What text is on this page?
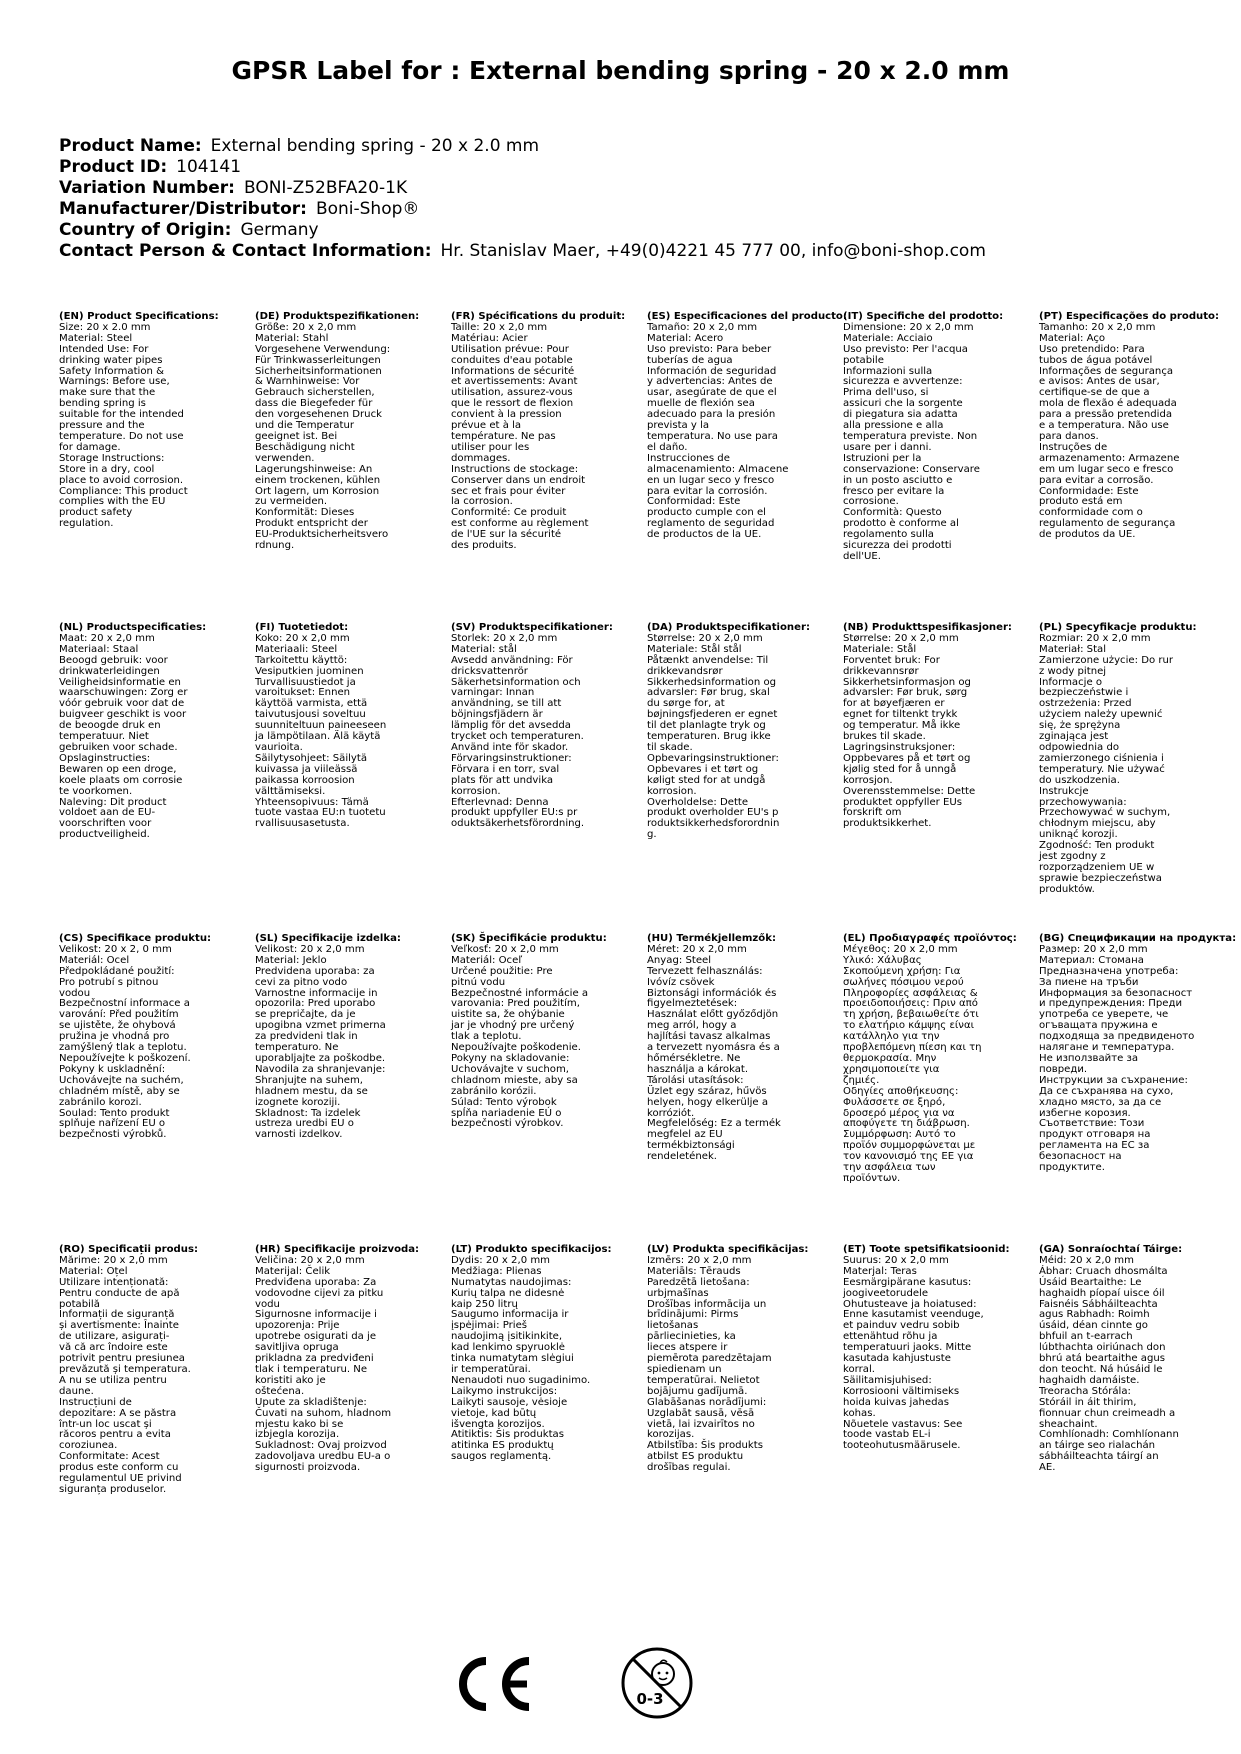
GPSR Label for : External bending spring - 20 x 2.0 mm
Product Name: External bending spring - 20 x 2.0 mm
Product ID: 104141
Variation Number: BONI-Z52BFA20-1K
Manufacturer/Distributor: Boni-Shop®
Country of Origin: Germany
Contact Person & Contact Information: Hr. Stanislav Maer, +49(0)4221 45 777 00, info@boni-shop.com
(EN) Product Specifications:
Size: 20 x 2.0 mm
Material: Steel
Intended Use: For
drinking water pipes
Safety Information &
Warnings: Before use,
make sure that the
bending spring is
suitable for the intended
pressure and the
temperature. Do not use
for damage.
Storage Instructions:
Store in a dry, cool
place to avoid corrosion.
Compliance: This product
complies with the EU
product safety
regulation.
(DE) Produktspezifikationen:
Größe: 20 x 2,0 mm
Material: Stahl
Vorgesehene Verwendung:
Für Trinkwasserleitungen
Sicherheitsinformationen
& Warnhinweise: Vor
Gebrauch sicherstellen,
dass die Biegefeder für
den vorgesehenen Druck
und die Temperatur
geeignet ist. Bei
Beschädigung nicht
verwenden.
Lagerungshinweise: An
einem trockenen, kühlen
Ort lagern, um Korrosion
zu vermeiden.
Konformität: Dieses
Produkt entspricht der
EU-Produktsicherheitsvero
rdnung.
(FR) Spécifications du produit:
Taille: 20 x 2,0 mm
Matériau: Acier
Utilisation prévue: Pour
conduites d'eau potable
Informations de sécurité
et avertissements: Avant
utilisation, assurez-vous
que le ressort de flexion
convient à la pression
prévue et à la
température. Ne pas
utiliser pour les
dommages.
Instructions de stockage:
Conserver dans un endroit
sec et frais pour éviter
la corrosion.
Conformité: Ce produit
est conforme au règlement
de l'UE sur la sécurité
des produits.
(ES) Especificaciones del producto:
Tamaño: 20 x 2,0 mm
Material: Acero
Uso previsto: Para beber
tuberías de agua
Información de seguridad
y advertencias: Antes de
usar, asegúrate de que el
muelle de flexión sea
adecuado para la presión
prevista y la
temperatura. No use para
el daño.
Instrucciones de
almacenamiento: Almacene
en un lugar seco y fresco
para evitar la corrosión.
Conformidad: Este
producto cumple con el
reglamento de seguridad
de productos de la UE.
(IT) Specifiche del prodotto:
Dimensione: 20 x 2,0 mm
Materiale: Acciaio
Uso previsto: Per l'acqua
potabile
Informazioni sulla
sicurezza e avvertenze:
Prima dell'uso, si
assicuri che la sorgente
di piegatura sia adatta
alla pressione e alla
temperatura previste. Non
usare per i danni.
Istruzioni per la
conservazione: Conservare
in un posto asciutto e
fresco per evitare la
corrosione.
Conformità: Questo
prodotto è conforme al
regolamento sulla
sicurezza dei prodotti
dell'UE.
(PT) Especificações do produto:
Tamanho: 20 x 2,0 mm
Material: Aço
Uso pretendido: Para
tubos de água potável
Informações de segurança
e avisos: Antes de usar,
certifique-se de que a
mola de flexão é adequada
para a pressão pretendida
e a temperatura. Não use
para danos.
Instruções de
armazenamento: Armazene
em um lugar seco e fresco
para evitar a corrosão.
Conformidade: Este
produto está em
conformidade com o
regulamento de segurança
de produtos da UE.
(NL) Productspecificaties:
Maat: 20 x 2,0 mm
Materiaal: Staal
Beoogd gebruik: voor
drinkwaterleidingen
Veiligheidsinformatie en
waarschuwingen: Zorg er
vóór gebruik voor dat de
buigveer geschikt is voor
de beoogde druk en
temperatuur. Niet
gebruiken voor schade.
Opslaginstructies:
Bewaren op een droge,
koele plaats om corrosie
te voorkomen.
Naleving: Dit product
voldoet aan de EU-
voorschriften voor
productveiligheid.
(FI) Tuotetiedot:
Koko: 20 x 2,0 mm
Materiaali: Steel
Tarkoitettu käyttö:
Vesiputkien juominen
Turvallisuustiedot ja
varoitukset: Ennen
käyttöä varmista, että
taivutusjousi soveltuu
suunniteltuun paineeseen
ja lämpötilaan. Älä käytä
vaurioita.
Säilytysohjeet: Säilytä
kuivassa ja viileässä
paikassa korroosion
välttämiseksi.
Yhteensopivuus: Tämä
tuote vastaa EU:n tuotetu
rvallisuusasetusta.
(SV) Produktspecifikationer:
Storlek: 20 x 2,0 mm
Material: stål
Avsedd användning: För
dricksvattenrör
Säkerhetsinformation och
varningar: Innan
användning, se till att
böjningsfjädern är
lämplig för det avsedda
trycket och temperaturen.
Använd inte för skador.
Förvaringsinstruktioner:
Förvara i en torr, sval
plats för att undvika
korrosion.
Efterlevnad: Denna
produkt uppfyller EU:s pr
oduktsäkerhetsförordning.
(DA) Produktspecifikationer:
Størrelse: 20 x 2,0 mm
Materiale: Stål stål
Påtænkt anvendelse: Til
drikkevandsrør
Sikkerhedsinformation og
advarsler: Før brug, skal
du sørge for, at
bøjningsfjederen er egnet
til det planlagte tryk og
temperaturen. Brug ikke
til skade.
Opbevaringsinstruktioner:
Opbevares i et tørt og
køligt sted for at undgå
korrosion.
Overholdelse: Dette
produkt overholder EU's p
roduktsikkerhedsforordnin
g.
(NB) Produkttspesifikasjoner:
Størrelse: 20 x 2,0 mm
Materiale: Stål
Forventet bruk: For
drikkevannsrør
Sikkerhetsinformasjon og
advarsler: Før bruk, sørg
for at bøyefjæren er
egnet for tiltenkt trykk
og temperatur. Må ikke
brukes til skade.
Lagringsinstruksjoner:
Oppbevares på et tørt og
kjølig sted for å unngå
korrosjon.
Overensstemmelse: Dette
produktet oppfyller EUs
forskrift om
produktsikkerhet.
(PL) Specyfikacje produktu:
Rozmiar: 20 x 2,0 mm
Materiał: Stal
Zamierzone użycie: Do rur
z wody pitnej
Informacje o
bezpieczeństwie i
ostrzeżenia: Przed
użyciem należy upewnić
się, że sprężyna
zginająca jest
odpowiednia do
zamierzonego ciśnienia i
temperatury. Nie używać
do uszkodzenia.
Instrukcje
przechowywania:
Przechowywać w suchym,
chłodnym miejscu, aby
uniknąć korozji.
Zgodność: Ten produkt
jest zgodny z
rozporządzeniem UE w
sprawie bezpieczeństwa
produktów.
(CS) Specifikace produktu:
Velikost: 20 x 2, 0 mm
Materiál: Ocel
Předpokládané použití:
Pro potrubí s pitnou
vodou
Bezpečnostní informace a
varování: Před použitím
se ujistěte, že ohybová
pružina je vhodná pro
zamýšlený tlak a teplotu.
Nepoužívejte k poškození.
Pokyny k uskladnění:
Uchovávejte na suchém,
chladném místě, aby se
zabránilo korozi.
Soulad: Tento produkt
splňuje nařízení EU o
bezpečnosti výrobků.
(SL) Specifikacije izdelka:
Velikost: 20 x 2,0 mm
Material: Jeklo
Predvidena uporaba: za
cevi za pitno vodo
Varnostne informacije in
opozorila: Pred uporabo
se prepričajte, da je
upogibna vzmet primerna
za predvideni tlak in
temperaturo. Ne
uporabljajte za poškodbe.
Navodila za shranjevanje:
Shranjujte na suhem,
hladnem mestu, da se
izognete koroziji.
Skladnost: Ta izdelek
ustreza uredbi EU o
varnosti izdelkov.
(SK) Špecifikácie produktu:
Veľkosť: 20 x 2,0 mm
Materiál: Oceľ
Určené použitie: Pre
pitnú vodu
Bezpečnostné informácie a
varovania: Pred použitím,
uistite sa, že ohýbanie
jar je vhodný pre určený
tlak a teplotu.
Nepoužívajte poškodenie.
Pokyny na skladovanie:
Uchovávajte v suchom,
chladnom mieste, aby sa
zabránilo korózii.
Súlad: Tento výrobok
spĺňa nariadenie EÚ o
bezpečnosti výrobkov.
(HU) Termékjellemzők:
Méret: 20 x 2,0 mm
Anyag: Steel
Tervezett felhasználás:
Ivóvíz csövek
Biztonsági információk és
figyelmeztetések:
Használat előtt győződjön
meg arról, hogy a
hajlítási tavasz alkalmas
a tervezett nyomásra és a
hőmérsékletre. Ne
használja a károkat.
Tárolási utasítások:
Üzlet egy száraz, hűvös
helyen, hogy elkerülje a
korróziót.
Megfelelőség: Ez a termék
megfelel az EU
termékbiztonsági
rendeletének.
(EL) Προδιαγραφές προϊόντος:
Μέγεθος: 20 x 2,0 mm
Υλικό: Χάλυβας
Σκοπούμενη χρήση: Για
σωλήνες πόσιμου νερού
Πληροφορίες ασφάλειας &
προειδοποιήσεις: Πριν από
τη χρήση, βεβαιωθείτε ότι
το ελατήριο κάμψης είναι
κατάλληλο για την
προβλεπόμενη πίεση και τη
θερμοκρασία. Μην
χρησιμοποιείτε για
ζημιές.
Οδηγίες αποθήκευσης:
Φυλάσσετε σε ξηρό,
δροσερό μέρος για να
αποφύγετε τη διάβρωση.
Συμμόρφωση: Αυτό το
προϊόν συμμορφώνεται με
τον κανονισμό της ΕΕ για
την ασφάλεια των
προϊόντων.
(BG) Спецификации на продукта:
Размер: 20 x 2,0 mm
Материал: Стомана
Предназначена употреба:
За пиене на тръби
Информация за безопасност
и предупреждения: Преди
употреба се уверете, че
огъващата пружина е
подходяща за предвиденото
налягане и температура.
Не използвайте за
повреди.
Инструкции за съхранение:
Да се съхранява на сухо,
хладно място, за да се
избегне корозия.
Съответствие: Този
продукт отговаря на
регламента на ЕС за
безопасност на
продуктите.
(RO) Specificații produs:
Mărime: 20 x 2,0 mm
Material: Oțel
Utilizare intenționată:
Pentru conducte de apă
potabilă
Informații de siguranță
și avertismente: Înainte
de utilizare, asigurați-
vă că arc îndoire este
potrivit pentru presiunea
prevăzută și temperatura.
A nu se utiliza pentru
daune.
Instrucțiuni de
depozitare: A se păstra
într-un loc uscat și
răcoros pentru a evita
coroziunea.
Conformitate: Acest
produs este conform cu
regulamentul UE privind
siguranța produselor.
(HR) Specifikacije proizvoda:
Veličina: 20 x 2,0 mm
Materijal: Čelik
Predviđena uporaba: Za
vodovodne cijevi za pitku
vodu
Sigurnosne informacije i
upozorenja: Prije
upotrebe osigurati da je
savitljiva opruga
prikladna za predviđeni
tlak i temperaturu. Ne
koristiti ako je
oštećena.
Upute za skladištenje:
Čuvati na suhom, hladnom
mjestu kako bi se
izbjegla korozija.
Sukladnost: Ovaj proizvod
zadovoljava uredbu EU-a o
sigurnosti proizvoda.
(LT) Produkto specifikacijos:
Dydis: 20 x 2,0 mm
Medžiaga: Plienas
Numatytas naudojimas:
Kurių talpa ne didesnė
kaip 250 litrų
Saugumo informacija ir
įspėjimai: Prieš
naudojimą įsitikinkite,
kad lenkimo spyruoklė
tinka numatytam slėgiui
ir temperatūrai.
Nenaudoti nuo sugadinimo.
Laikymo instrukcijos:
Laikyti sausoje, vėsioje
vietoje, kad būtų
išvengta korozijos.
Atitiktis: Šis produktas
atitinka ES produktų
saugos reglamentą.
(LV) Produkta specifikācijas:
Izmērs: 20 x 2,0 mm
Materiāls: Tērauds
Paredzētā lietošana:
urbjmašīnas
Drošības informācija un
brīdinājumi: Pirms
lietošanas
pārliecinieties, ka
lieces atspere ir
piemērota paredzētajam
spiedienam un
temperatūrai. Nelietot
bojājumu gadījumā.
Glabāšanas norādījumi:
Uzglabāt sausā, vēsā
vietā, lai izvairītos no
korozijas.
Atbilstība: Šis produkts
atbilst ES produktu
drošības regulai.
(ET) Toote spetsifikatsioonid:
Suurus: 20 x 2,0 mm
Materjal: Teras
Eesmärgipärane kasutus:
joogiveetorudele
Ohutusteave ja hoiatused:
Enne kasutamist veenduge,
et painduv vedru sobib
ettenähtud rõhu ja
temperatuuri jaoks. Mitte
kasutada kahjustuste
korral.
Säilitamisjuhised:
Korrosiooni vältimiseks
hoida kuivas jahedas
kohas.
Nõuetele vastavus: See
toode vastab EL-i
tooteohutusmäärusele.
(GA) Sonraíochtaí Táirge:
Méid: 20 x 2,0 mm
Ábhar: Cruach dhosmálta
Úsáid Beartaithe: Le
haghaidh píopaí uisce óil
Faisnéis Sábháilteachta
agus Rabhadh: Roimh
úsáid, déan cinnte go
bhfuil an t-earrach
lúbthachta oiriúnach don
bhrú atá beartaithe agus
don teocht. Ná húsáid le
haghaidh damáiste.
Treoracha Stórála:
Stóráil in áit thirim,
fionnuar chun creimeadh a
sheachaint.
Comhlíonadh: Comhlíonann
an táirge seo rialachán
sábháilteachta táirgí an
AE.
0-3
